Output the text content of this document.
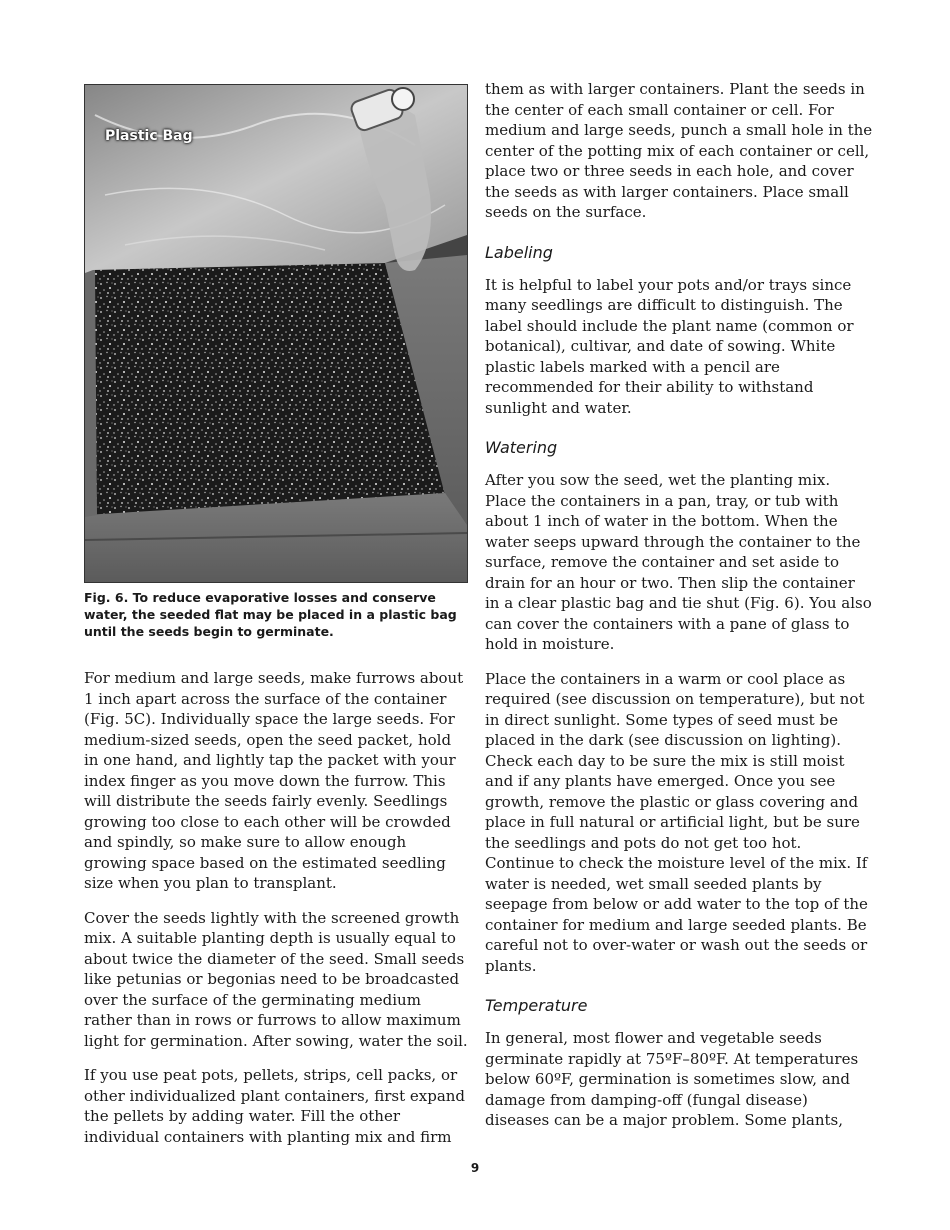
Plastic Bag
Fig. 6. To reduce evaporative losses and conserve water, the seeded flat may be placed in a plastic bag until the seeds begin to germinate.

For medium and large seeds, make furrows about 1 inch apart across the surface of the container (Fig. 5C). Individually space the large seeds. For medium-sized seeds, open the seed packet, hold in one hand, and lightly tap the packet with your index finger as you move down the furrow. This will distribute the seeds fairly evenly. Seedlings growing too close to each other will be crowded and spindly, so make sure to allow enough growing space based on the estimated seedling size when you plan to transplant.

Cover the seeds lightly with the screened growth mix. A suitable planting depth is usually equal to about twice the diameter of the seed. Small seeds like petunias or begonias need to be broadcasted over the surface of the germinating medium rather than in rows or furrows to allow maximum light for germination. After sowing, water the soil.

If you use peat pots, pellets, strips, cell packs, or other individualized plant containers, first expand the pellets by adding water. Fill the other individual containers with planting mix and firm

them as with larger containers. Plant the seeds in the center of each small container or cell. For medium and large seeds, punch a small hole in the center of the potting mix of each container or cell, place two or three seeds in each hole, and cover the seeds as with larger containers. Place small seeds on the surface.

Labeling

It is helpful to label your pots and/or trays since many seedlings are difficult to distinguish. The label should include the plant name (common or botanical), cultivar, and date of sowing. White plastic labels marked with a pencil are recommended for their ability to withstand sunlight and water.

Watering

After you sow the seed, wet the planting mix. Place the containers in a pan, tray, or tub with about 1 inch of water in the bottom. When the water seeps upward through the container to the surface, remove the container and set aside to drain for an hour or two. Then slip the container in a clear plastic bag and tie shut (Fig. 6). You also can cover the containers with a pane of glass to hold in moisture.

Place the containers in a warm or cool place as required (see discussion on temperature), but not in direct sunlight. Some types of seed must be placed in the dark (see discussion on lighting). Check each day to be sure the mix is still moist and if any plants have emerged. Once you see growth, remove the plastic or glass covering and place in full natural or artificial light, but be sure the seedlings and pots do not get too hot. Continue to check the moisture level of the mix. If water is needed, wet small seeded plants by seepage from below or add water to the top of the container for medium and large seeded plants. Be careful not to over-water or wash out the seeds or plants.

Temperature

In general, most flower and vegetable seeds germinate rapidly at 75ºF–80ºF. At temperatures below 60ºF, germination is sometimes slow, and damage from damping-off (fungal disease) diseases can be a major problem. Some plants,

9
